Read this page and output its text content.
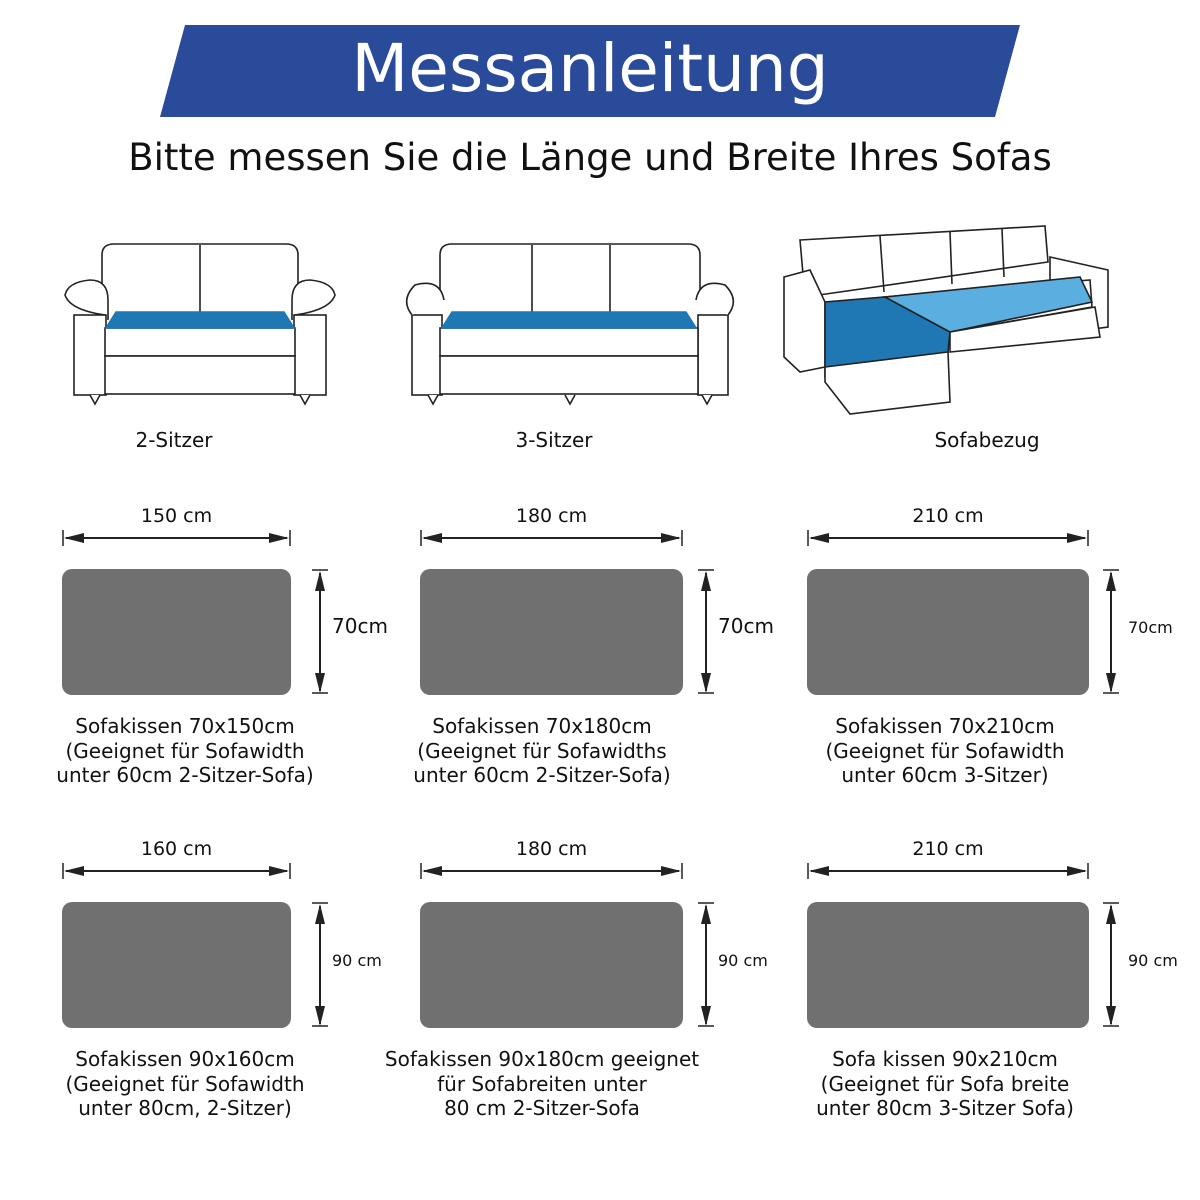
Messanleitung
Bitte messen Sie die Länge und Breite Ihres Sofas
2-Sitzer	3-Sitzer	Sofabezug
150 cm
70cm
Sofakissen 70x150cm
(Geeignet für Sofawidth
unter 60cm 2-Sitzer-Sofa)
180 cm
70cm
Sofakissen 70x180cm
(Geeignet für Sofawidths
unter 60cm 2-Sitzer-Sofa)
210 cm
70cm
Sofakissen 70x210cm
(Geeignet für Sofawidth
unter 60cm 3-Sitzer)
160 cm
90 cm
Sofakissen 90x160cm
(Geeignet für Sofawidth
unter 80cm, 2-Sitzer)
180 cm
90 cm
Sofakissen 90x180cm geeignet
für Sofabreiten unter
80 cm 2-Sitzer-Sofa
210 cm
90 cm
Sofa kissen 90x210cm
(Geeignet für Sofa breite
unter 80cm 3-Sitzer Sofa)
